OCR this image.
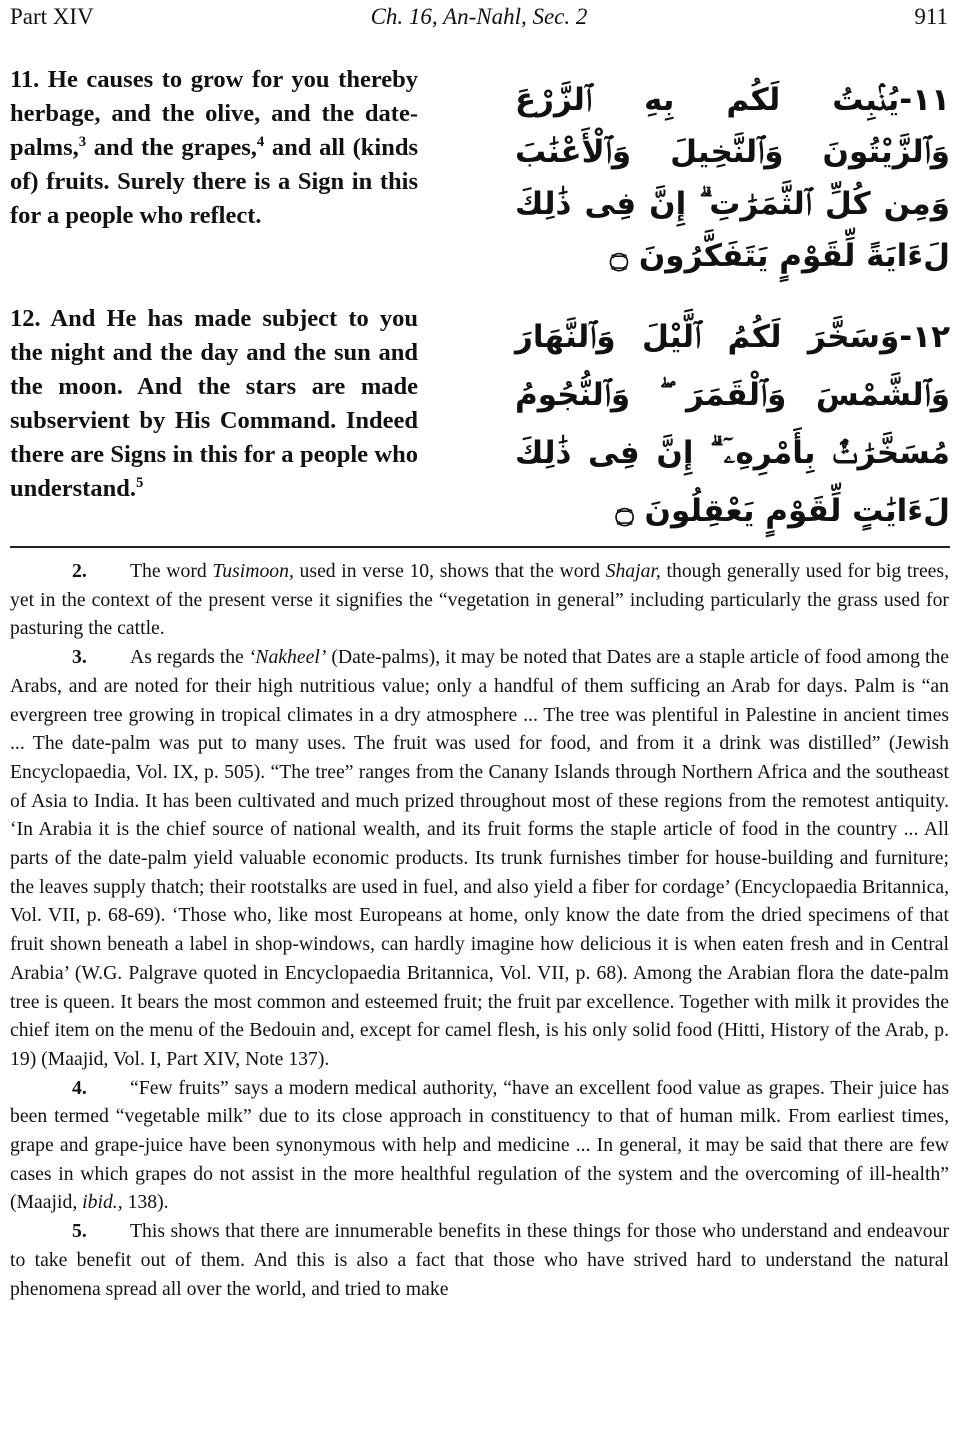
Part XIV	Ch. 16, An-Nahl, Sec. 2	911
11. He causes to grow for you thereby herbage, and the olive, and the date-palms,$^3$ and the grapes,$^4$ and all (kinds of) fruits. Surely there is a Sign in this for a people who reflect.
١١-يُنۢبِتُ لَكُم بِهِ ٱلزَّرْعَ وَٱلزَّيْتُونَ وَٱلنَّخِيلَ وَٱلْأَعْنَٰبَ وَمِن كُلِّ ٱلثَّمَرَٰتِ ۗ إِنَّ فِى ذَٰلِكَ لَءَايَةً لِّقَوْمٍ يَتَفَكَّرُونَ ۝
12. And He has made subject to you the night and the day and the sun and the moon. And the stars are made subservient by His Command. Indeed there are Signs in this for a people who understand.$^5$
١٢-وَسَخَّرَ لَكُمُ ٱلَّيْلَ وَٱلنَّهَارَ وَٱلشَّمْسَ وَٱلْقَمَرَ ۖ وَٱلنُّجُومُ مُسَخَّرَٰتٌۢ بِأَمْرِهِۦٓ ۗ إِنَّ فِى ذَٰلِكَ لَءَايَٰتٍ لِّقَوْمٍ يَعْقِلُونَ ۝

2. The word Tusimoon, used in verse 10, shows that the word Shajar, though generally used for big trees, yet in the context of the present verse it signifies the “vegetation in general” including particularly the grass used for pasturing the cattle.

3. As regards the ‘Nakheel’ (Date-palms), it may be noted that Dates are a staple article of food among the Arabs, and are noted for their high nutritious value; only a handful of them sufficing an Arab for days. Palm is “an evergreen tree growing in tropical climates in a dry atmosphere ... The tree was plentiful in Palestine in ancient times ... The date-palm was put to many uses. The fruit was used for food, and from it a drink was distilled” (Jewish Encyclopaedia, Vol. IX, p. 505). “The tree” ranges from the Canany Islands through Northern Africa and the southeast of Asia to India. It has been cultivated and much prized throughout most of these regions from the remotest antiquity. ‘In Arabia it is the chief source of national wealth, and its fruit forms the staple article of food in the country ... All parts of the date-palm yield valuable economic products. Its trunk furnishes timber for house-building and furniture; the leaves supply thatch; their rootstalks are used in fuel, and also yield a fiber for cordage’ (Encyclopaedia Britannica, Vol. VII, p. 68-69). ‘Those who, like most Europeans at home, only know the date from the dried specimens of that fruit shown beneath a label in shop-windows, can hardly imagine how delicious it is when eaten fresh and in Central Arabia’ (W.G. Palgrave quoted in Encyclopaedia Britannica, Vol. VII, p. 68). Among the Arabian flora the date-palm tree is queen. It bears the most common and esteemed fruit; the fruit par excellence. Together with milk it provides the chief item on the menu of the Bedouin and, except for camel flesh, is his only solid food (Hitti, History of the Arab, p. 19) (Maajid, Vol. I, Part XIV, Note 137).

4. “Few fruits” says a modern medical authority, “have an excellent food value as grapes. Their juice has been termed “vegetable milk” due to its close approach in constituency to that of human milk. From earliest times, grape and grape-juice have been synonymous with help and medicine ... In general, it may be said that there are few cases in which grapes do not assist in the more healthful regulation of the system and the overcoming of ill-health” (Maajid, ibid., 138).

5. This shows that there are innumerable benefits in these things for those who understand and endeavour to take benefit out of them. And this is also a fact that those who have strived hard to understand the natural phenomena spread all over the world, and tried to make
